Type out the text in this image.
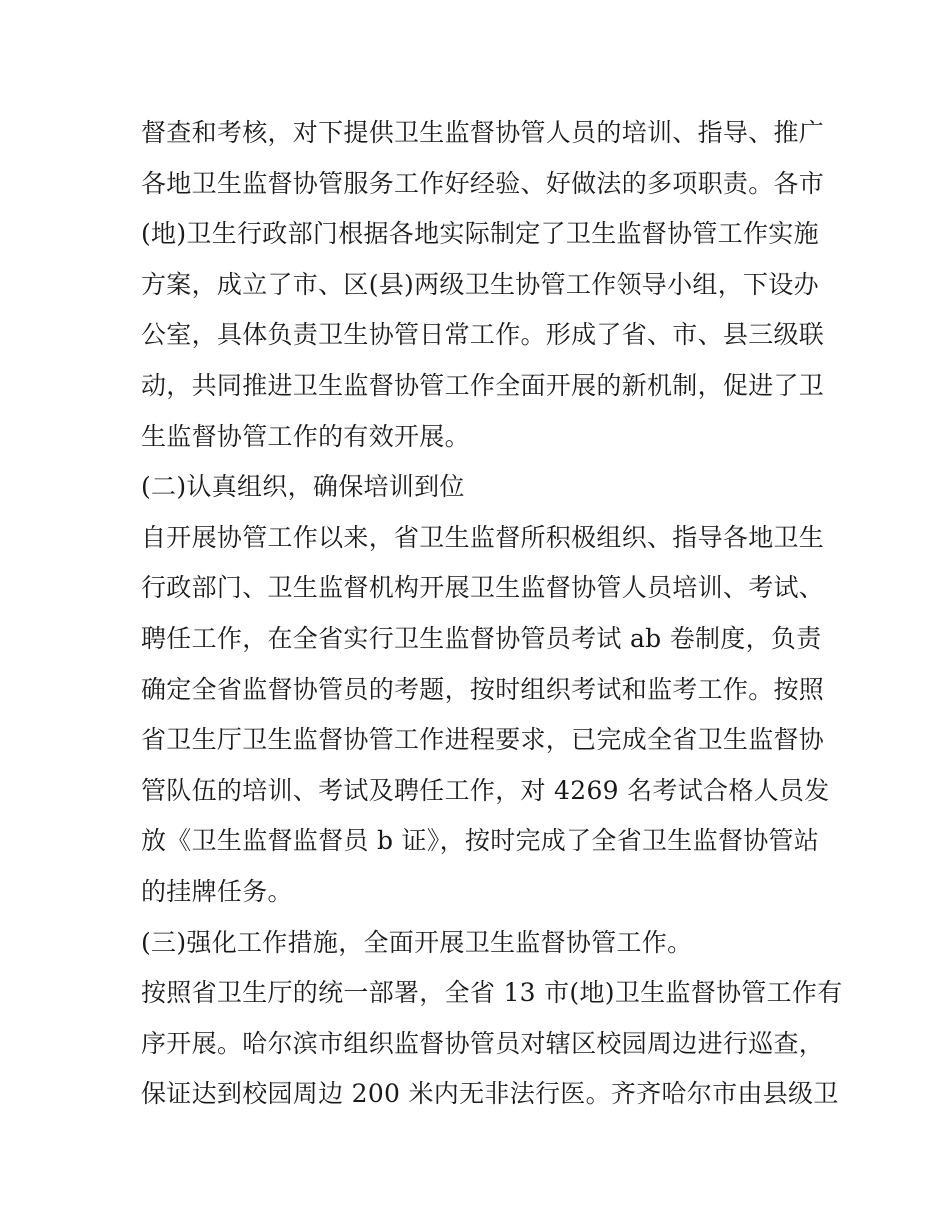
督查和考核，对下提供卫生监督协管人员的培训、指导、推广
各地卫生监督协管服务工作好经验、好做法的多项职责。各市
(地)卫生行政部门根据各地实际制定了卫生监督协管工作实施
方案，成立了市、区(县)两级卫生协管工作领导小组，下设办
公室，具体负责卫生协管日常工作。形成了省、市、县三级联
动，共同推进卫生监督协管工作全面开展的新机制，促进了卫
生监督协管工作的有效开展。
(二)认真组织，确保培训到位
自开展协管工作以来，省卫生监督所积极组织、指导各地卫生
行政部门、卫生监督机构开展卫生监督协管人员培训、考试、
聘任工作，在全省实行卫生监督协管员考试 ab 卷制度，负责
确定全省监督协管员的考题，按时组织考试和监考工作。按照
省卫生厅卫生监督协管工作进程要求，已完成全省卫生监督协
管队伍的培训、考试及聘任工作，对 4269 名考试合格人员发
放《卫生监督监督员 b 证》，按时完成了全省卫生监督协管站
的挂牌任务。
(三)强化工作措施，全面开展卫生监督协管工作。
按照省卫生厅的统一部署，全省 13 市(地)卫生监督协管工作有
序开展。哈尔滨市组织监督协管员对辖区校园周边进行巡查，
保证达到校园周边 200 米内无非法行医。齐齐哈尔市由县级卫
